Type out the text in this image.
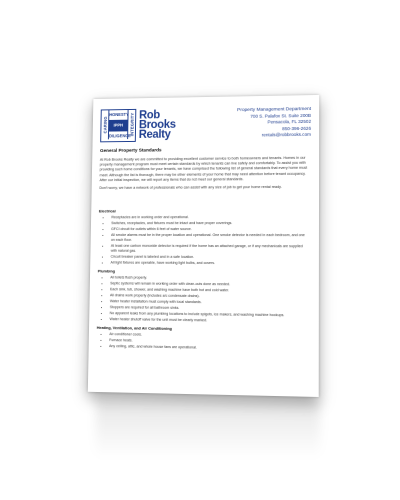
CARING
HONESTY
IPPH
DILIGENCE
INTEGRITY Rob
Brooks
Realty
Property Management Department
700 S. Palafox St. Suite 200B
Pensacola, FL 32502
850-396-2626
rentals@robbrooks.com
General Property Standards

At Rob Brooks Realty we are committed to providing excellent customer service to both homeowners and tenants. Homes in our property management program must meet certain standards by which tenants can live safely and comfortably. To assist you with providing such home conditions for your tenants, we have comprised the following list of general standards that every home must meet. Although the list is thorough, there may be other elements of your home that may need attention before tenant occupancy. After our initial inspection, we will report any items that do not meet our general standards.

Don't worry, we have a network of professionals who can assist with any size of job to get your home rental ready.

Electrical
• Receptacles are in working order and operational.
• Switches, receptacles, and fixtures must be intact and have proper coverings.
• GFCI circuit for outlets within 6 feet of water source.
• All smoke alarms must be in the proper location and operational. One smoke detector is needed in each bedroom, and one on each floor.
• At least one carbon monoxide detector is required if the home has an attached garage, or if any mechanicals are supplied with natural gas.
• Circuit breaker panel is labeled and in a safe location.
• All light fixtures are operable, have working light bulbs, and covers.
Plumbing
• All toilets flush properly.
• Septic systems will remain in working order with clean-outs done as needed.
• Each sink, tub, shower, and washing machine have both hot and cold water.
• All drains work properly (includes a/c condensate drains).
• Water heater installation must comply with local standards.
• Stoppers are required for all bathroom sinks.
• No apparent leaks from any plumbing locations to include spigots, ice makers, and washing machine hookups.
• Water heater shutoff valve for the unit must be clearly marked.
Heating, Ventilation, and Air Conditioning
• Air conditioner cools.
• Furnace heats.
• Any ceiling, attic, and whole house fans are operational.
